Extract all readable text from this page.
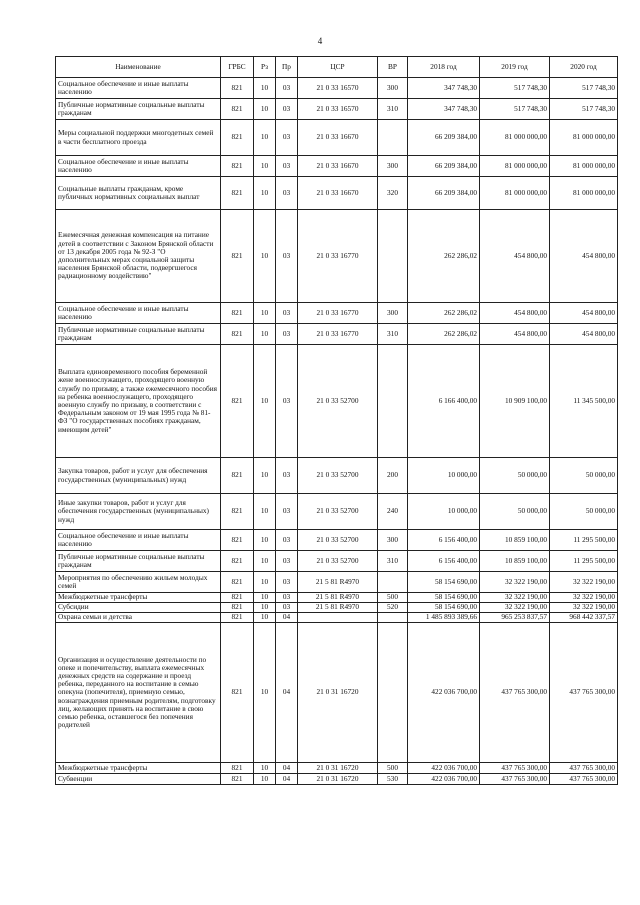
4
Наименование	ГРБС	Рз	Пр	ЦСР	ВР	2018 год	2019 год	2020 год
Социальное обеспечение и иные выплаты населению	821	10	03	21 0 33 16570	300	347 748,30	517 748,30	517 748,30
Публичные нормативные социальные выплаты гражданам	821	10	03	21 0 33 16570	310	347 748,30	517 748,30	517 748,30
Меры социальной поддержки многодетных семей в части бесплатного проезда	821	10	03	21 0 33 16670		66 209 384,00	81 000 000,00	81 000 000,00
Социальное обеспечение и иные выплаты населению	821	10	03	21 0 33 16670	300	66 209 384,00	81 000 000,00	81 000 000,00
Социальные выплаты гражданам, кроме публичных нормативных социальных выплат	821	10	03	21 0 33 16670	320	66 209 384,00	81 000 000,00	81 000 000,00
Ежемесячная денежная компенсация на питание детей в соответствии с Законом Брянской области от 13 декабря 2005 года № 92-З "О дополнительных мерах социальной защиты населения Брянской области, подвергшегося радиационному воздействию"	821	10	03	21 0 33 16770		262 286,02	454 800,00	454 800,00
Социальное обеспечение и иные выплаты населению	821	10	03	21 0 33 16770	300	262 286,02	454 800,00	454 800,00
Публичные нормативные социальные выплаты гражданам	821	10	03	21 0 33 16770	310	262 286,02	454 800,00	454 800,00
Выплата единовременного пособия беременной жене военнослужащего, проходящего военную службу по призыву, а также ежемесячного пособия на ребенка военнослужащего, проходящего военную службу по призыву, в соответствии с Федеральным законом от 19 мая 1995 года № 81-ФЗ "О государственных пособиях гражданам, имеющим детей"	821	10	03	21 0 33 52700		6 166 400,00	10 909 100,00	11 345 500,00
Закупка товаров, работ и услуг для обеспечения государственных (муниципальных) нужд	821	10	03	21 0 33 52700	200	10 000,00	50 000,00	50 000,00
Иные закупки товаров, работ и услуг для обеспечения государственных (муниципальных) нужд	821	10	03	21 0 33 52700	240	10 000,00	50 000,00	50 000,00
Социальное обеспечение и иные выплаты населению	821	10	03	21 0 33 52700	300	6 156 400,00	10 859 100,00	11 295 500,00
Публичные нормативные социальные выплаты гражданам	821	10	03	21 0 33 52700	310	6 156 400,00	10 859 100,00	11 295 500,00
Мероприятия по обеспечению жильем молодых семей	821	10	03	21 5 81 R4970		58 154 690,00	32 322 190,00	32 322 190,00
Межбюджетные трансферты	821	10	03	21 5 81 R4970	500	58 154 690,00	32 322 190,00	32 322 190,00
Субсидии	821	10	03	21 5 81 R4970	520	58 154 690,00	32 322 190,00	32 322 190,00
Охрана семьи и детства	821	10	04			1 485 893 389,66	965 253 837,57	968 442 337,57
Организация и осуществление деятельности по опеке и попечительству, выплата ежемесячных денежных средств на содержание и проезд ребенка, переданного на воспитание в семью опекуна (попечителя), приемную семью, вознаграждения приемным родителям, подготовку лиц, желающих принять на воспитание в свою семью ребенка, оставшегося без попечения родителей	821	10	04	21 0 31 16720		422 036 700,00	437 765 300,00	437 765 300,00
Межбюджетные трансферты	821	10	04	21 0 31 16720	500	422 036 700,00	437 765 300,00	437 765 300,00
Субвенции	821	10	04	21 0 31 16720	530	422 036 700,00	437 765 300,00	437 765 300,00
